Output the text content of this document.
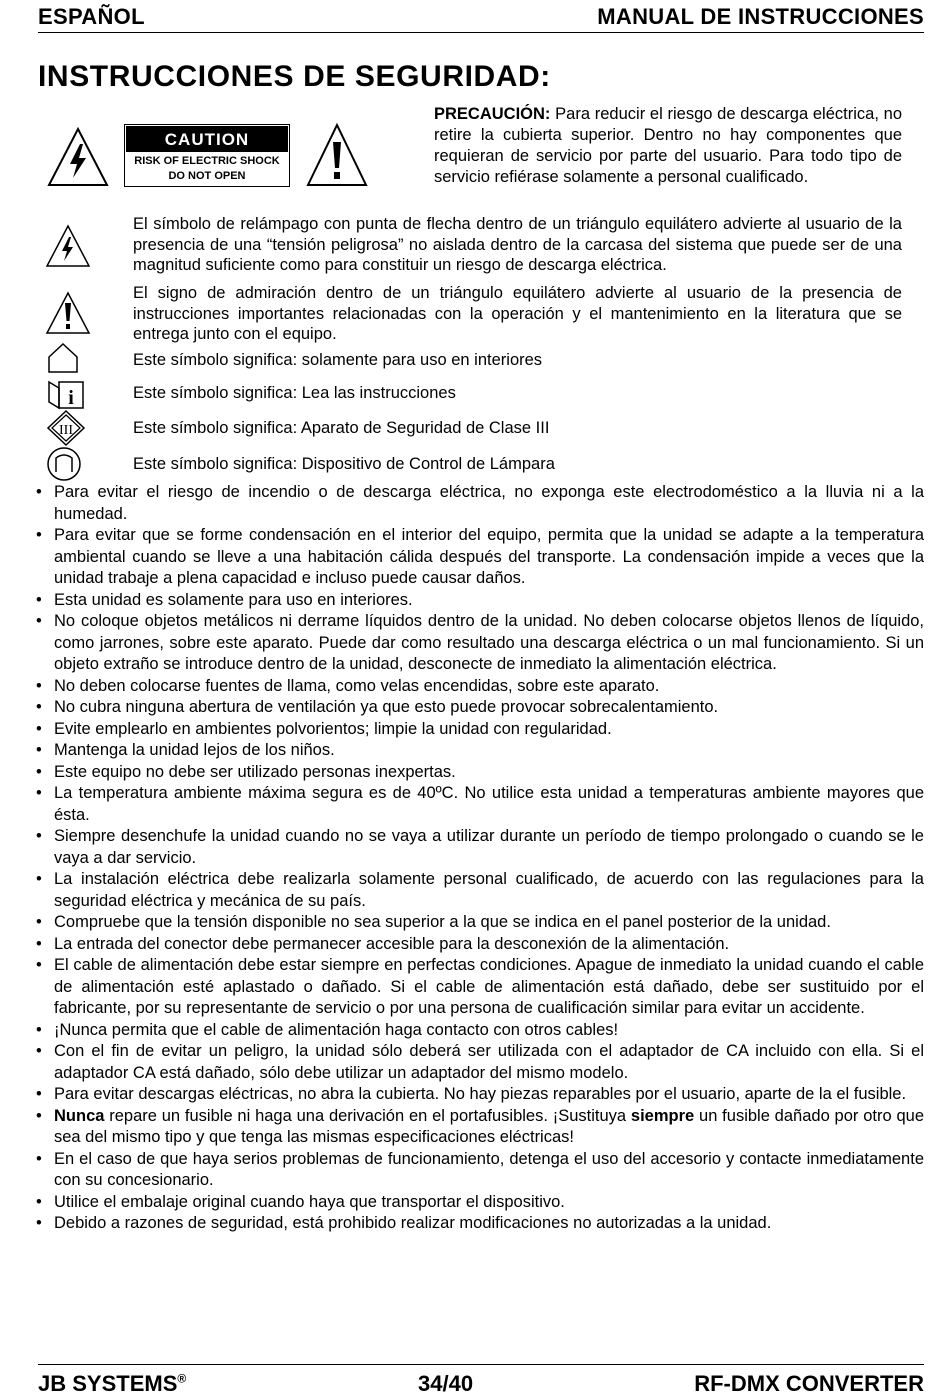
ESPAÑOL	MANUAL DE INSTRUCCIONES
INSTRUCCIONES DE SEGURIDAD:
CAUTION
RISK OF ELECTRIC SHOCK
DO NOT OPEN
PRECAUCIÓN: Para reducir el riesgo de descarga eléctrica, no retire la cubierta superior. Dentro no hay componentes que requieran de servicio por parte del usuario. Para todo tipo de servicio refiérase solamente a personal cualificado.
El símbolo de relámpago con punta de flecha dentro de un triángulo equilátero advierte al usuario de la presencia de una “tensión peligrosa” no aislada dentro de la carcasa del sistema que puede ser de una magnitud suficiente como para constituir un riesgo de descarga eléctrica.
El signo de admiración dentro de un triángulo equilátero advierte al usuario de la presencia de instrucciones importantes relacionadas con la operación y el mantenimiento en la literatura que se entrega junto con el equipo.
Este símbolo significa: solamente para uso en interiores
i	Este símbolo significa: Lea las instrucciones
III	Este símbolo significa: Aparato de Seguridad de Clase III
Este símbolo significa: Dispositivo de Control de Lámpara
• Para evitar el riesgo de incendio o de descarga eléctrica, no exponga este electrodoméstico a la lluvia ni a la humedad.
• Para evitar que se forme condensación en el interior del equipo, permita que la unidad se adapte a la temperatura ambiental cuando se lleve a una habitación cálida después del transporte. La condensación impide a veces que la unidad trabaje a plena capacidad e incluso puede causar daños.
• Esta unidad es solamente para uso en interiores.
• No coloque objetos metálicos ni derrame líquidos dentro de la unidad. No deben colocarse objetos llenos de líquido, como jarrones, sobre este aparato. Puede dar como resultado una descarga eléctrica o un mal funcionamiento. Si un objeto extraño se introduce dentro de la unidad, desconecte de inmediato la alimentación eléctrica.
• No deben colocarse fuentes de llama, como velas encendidas, sobre este aparato.
• No cubra ninguna abertura de ventilación ya que esto puede provocar sobrecalentamiento.
• Evite emplearlo en ambientes polvorientos; limpie la unidad con regularidad.
• Mantenga la unidad lejos de los niños.
• Este equipo no debe ser utilizado personas inexpertas.
• La temperatura ambiente máxima segura es de 40ºC. No utilice esta unidad a temperaturas ambiente mayores que ésta.
• Siempre desenchufe la unidad cuando no se vaya a utilizar durante un período de tiempo prolongado o cuando se le vaya a dar servicio.
• La instalación eléctrica debe realizarla solamente personal cualificado, de acuerdo con las regulaciones para la seguridad eléctrica y mecánica de su país.
• Compruebe que la tensión disponible no sea superior a la que se indica en el panel posterior de la unidad.
• La entrada del conector debe permanecer accesible para la desconexión de la alimentación.
• El cable de alimentación debe estar siempre en perfectas condiciones. Apague de inmediato la unidad cuando el cable de alimentación esté aplastado o dañado. Si el cable de alimentación está dañado, debe ser sustituido por el fabricante, por su representante de servicio o por una persona de cualificación similar para evitar un accidente.
• ¡Nunca permita que el cable de alimentación haga contacto con otros cables!
• Con el fin de evitar un peligro, la unidad sólo deberá ser utilizada con el adaptador de CA incluido con ella. Si el adaptador CA está dañado, sólo debe utilizar un adaptador del mismo modelo.
• Para evitar descargas eléctricas, no abra la cubierta. No hay piezas reparables por el usuario, aparte de la el fusible.
• Nunca repare un fusible ni haga una derivación en el portafusibles. ¡Sustituya siempre un fusible dañado por otro que sea del mismo tipo y que tenga las mismas especificaciones eléctricas!
• En el caso de que haya serios problemas de funcionamiento, detenga el uso del accesorio y contacte inmediatamente con su concesionario.
• Utilice el embalaje original cuando haya que transportar el dispositivo.
• Debido a razones de seguridad, está prohibido realizar modificaciones no autorizadas a la unidad.
JB SYSTEMS®	34/40	RF-DMX CONVERTER
